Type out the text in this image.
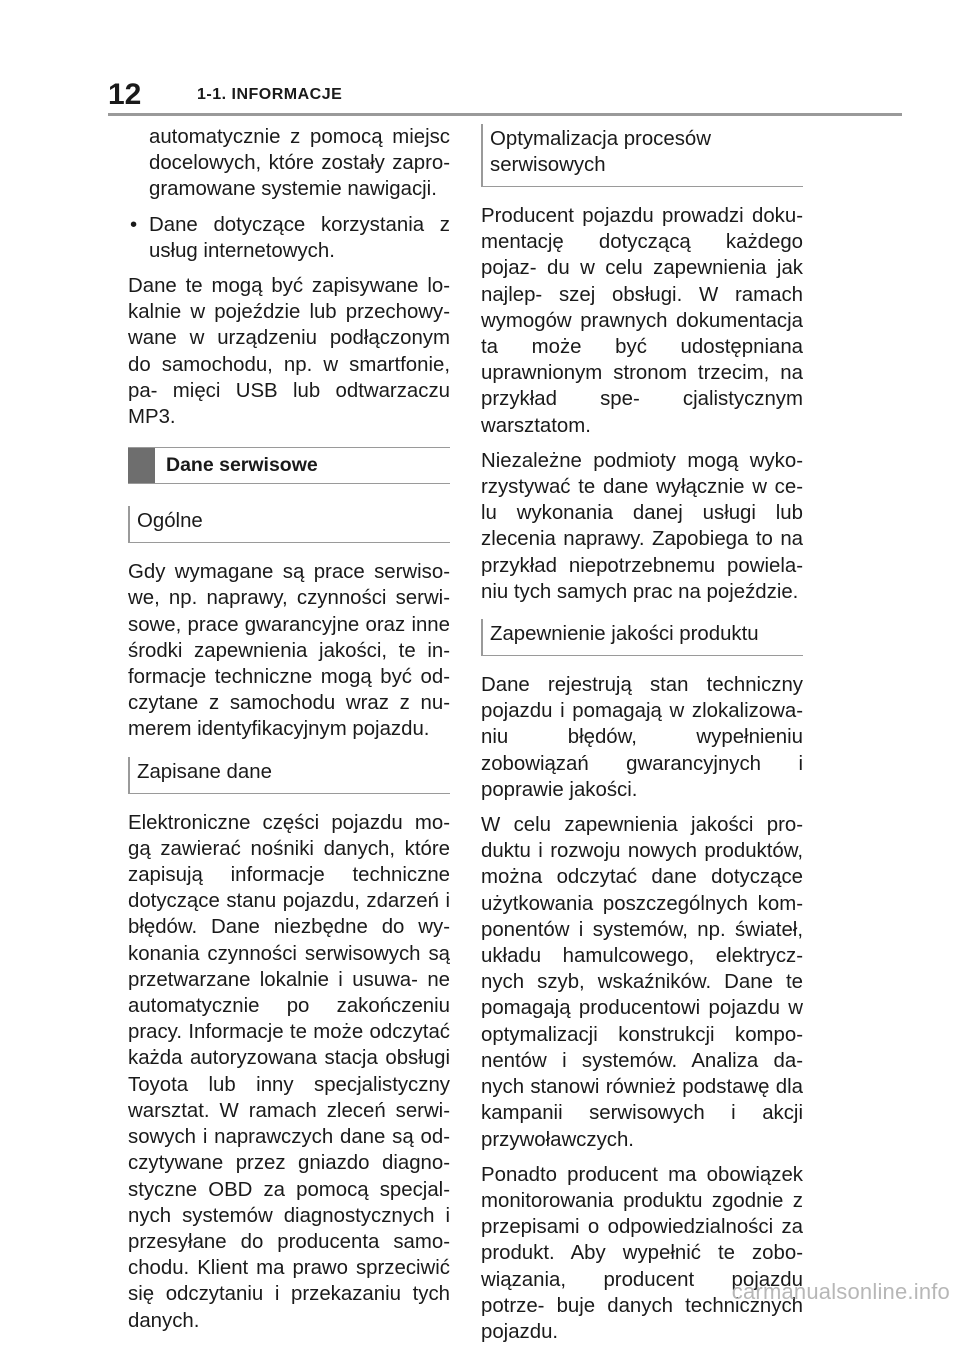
12	1-1. INFORMACJE

automatycznie z pomocą miejsc docelowych, które zostały zapro- gramowane systemie nawigacji.

• Dane dotyczące korzystania z usług internetowych.

Dane te mogą być zapisywane lo- kalnie w pojeździe lub przechowy- wane w urządzeniu podłączonym do samochodu, np. w smartfonie, pa- mięci USB lub odtwarzaczu MP3.

Dane serwisowe
Ogólne

Gdy wymagane są prace serwiso- we, np. naprawy, czynności serwi- sowe, prace gwarancyjne oraz inne środki zapewnienia jakości, te in- formacje techniczne mogą być od- czytane z samochodu wraz z nu- merem identyfikacyjnym pojazdu.

Zapisane dane

Elektroniczne części pojazdu mo- gą zawierać nośniki danych, które zapisują informacje techniczne dotyczące stanu pojazdu, zdarzeń i błędów. Dane niezbędne do wy- konania czynności serwisowych są przetwarzane lokalnie i usuwa- ne automatycznie po zakończeniu pracy. Informacje te może odczytać każda autoryzowana stacja obsługi Toyota lub inny specjalistyczny warsztat. W ramach zleceń serwi- sowych i naprawczych dane są od- czytywane przez gniazdo diagno- styczne OBD za pomocą specjal- nych systemów diagnostycznych i przesyłane do producenta samo- chodu. Klient ma prawo sprzeciwić się odczytaniu i przekazaniu tych danych.

Optymalizacja procesów serwisowych

Producent pojazdu prowadzi doku- mentację dotyczącą każdego pojaz- du w celu zapewnienia jak najlep- szej obsługi. W ramach wymogów prawnych dokumentacja ta może być udostępniana uprawnionym stronom trzecim, na przykład spe- cjalistycznym warsztatom.

Niezależne podmioty mogą wyko- rzystywać te dane wyłącznie w ce- lu wykonania danej usługi lub zlecenia naprawy. Zapobiega to na przykład niepotrzebnemu powiela- niu tych samych prac na pojeździe.

Zapewnienie jakości produktu

Dane rejestrują stan techniczny pojazdu i pomagają w zlokalizowa- niu błędów, wypełnieniu zobowiązań gwarancyjnych i poprawie jakości.

W celu zapewnienia jakości pro- duktu i rozwoju nowych produktów, można odczytać dane dotyczące użytkowania poszczególnych kom- ponentów i systemów, np. świateł, układu hamulcowego, elektrycz- nych szyb, wskaźników. Dane te pomagają producentowi pojazdu w optymalizacji konstrukcji kompo- nentów i systemów. Analiza da- nych stanowi również podstawę dla kampanii serwisowych i akcji przywoławczych.

Ponadto producent ma obowiązek monitorowania produktu zgodnie z przepisami o odpowiedzialności za produkt. Aby wypełnić te zobo- wiązania, producent pojazdu potrze- buje danych technicznych pojazdu.

carmanualsonline.info
